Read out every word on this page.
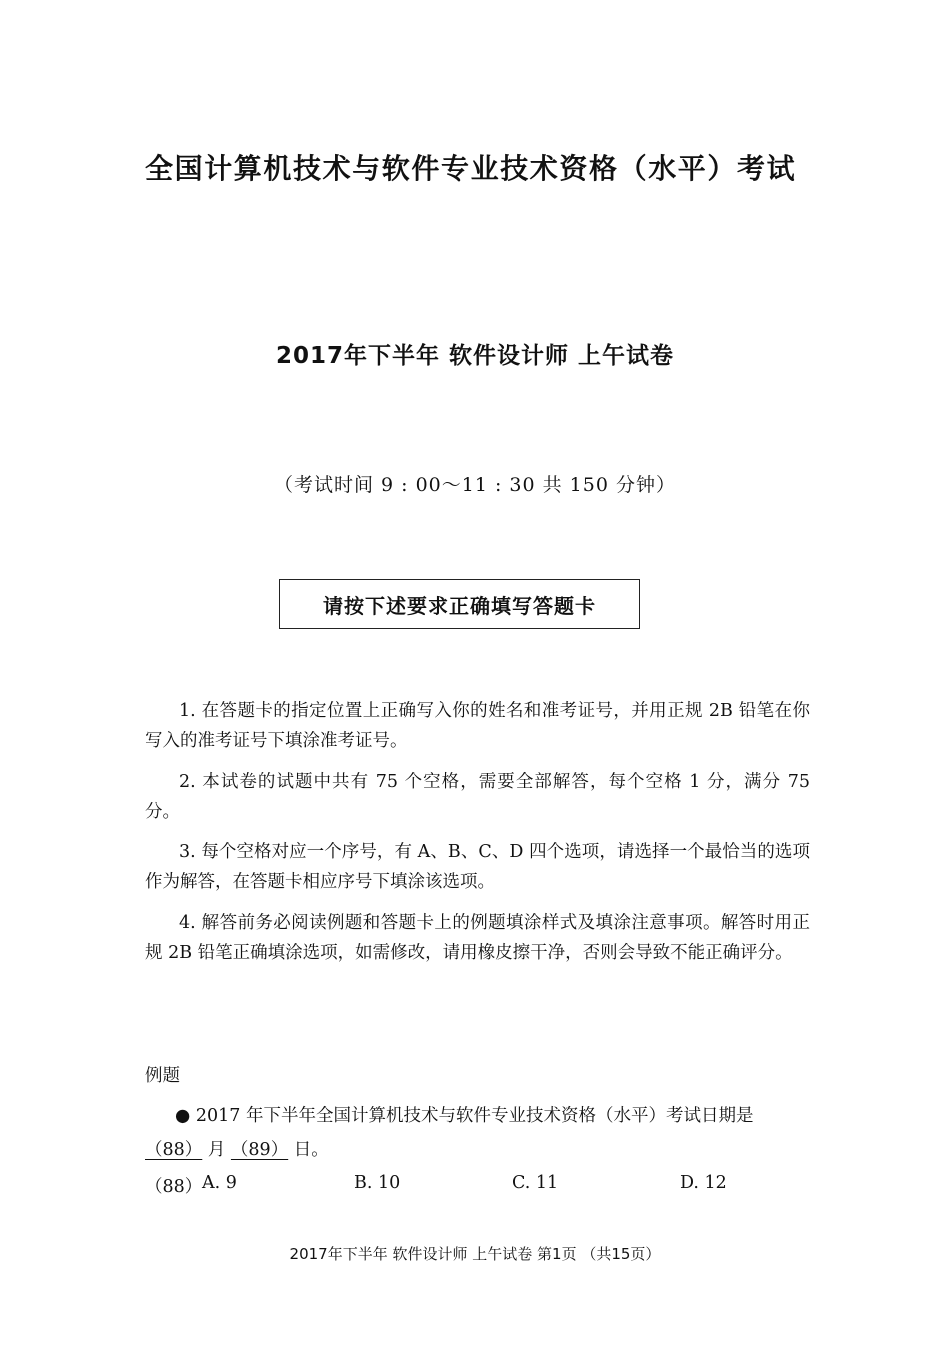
全国计算机技术与软件专业技术资格（水平）考试
2017年下半年 软件设计师 上午试卷
（考试时间 9 : 00～11 : 30 共 150 分钟）
请按下述要求正确填写答题卡
1. 在答题卡的指定位置上正确写入你的姓名和准考证号，并用正规 2B 铅笔在你写入的准考证号下填涂准考证号。
2. 本试卷的试题中共有 75 个空格，需要全部解答，每个空格 1 分，满分 75 分。
3. 每个空格对应一个序号，有 A、B、C、D 四个选项，请选择一个最恰当的选项作为解答，在答题卡相应序号下填涂该选项。
4. 解答前务必阅读例题和答题卡上的例题填涂样式及填涂注意事项。解答时用正规 2B 铅笔正确填涂选项，如需修改，请用橡皮擦干净，否则会导致不能正确评分。
例题
● 2017 年下半年全国计算机技术与软件专业技术资格（水平）考试日期是（88） 月 （89） 日。
（88） A. 9	B. 10	C. 11	D. 12
2017年下半年 软件设计师 上午试卷 第1页 （共15页）
